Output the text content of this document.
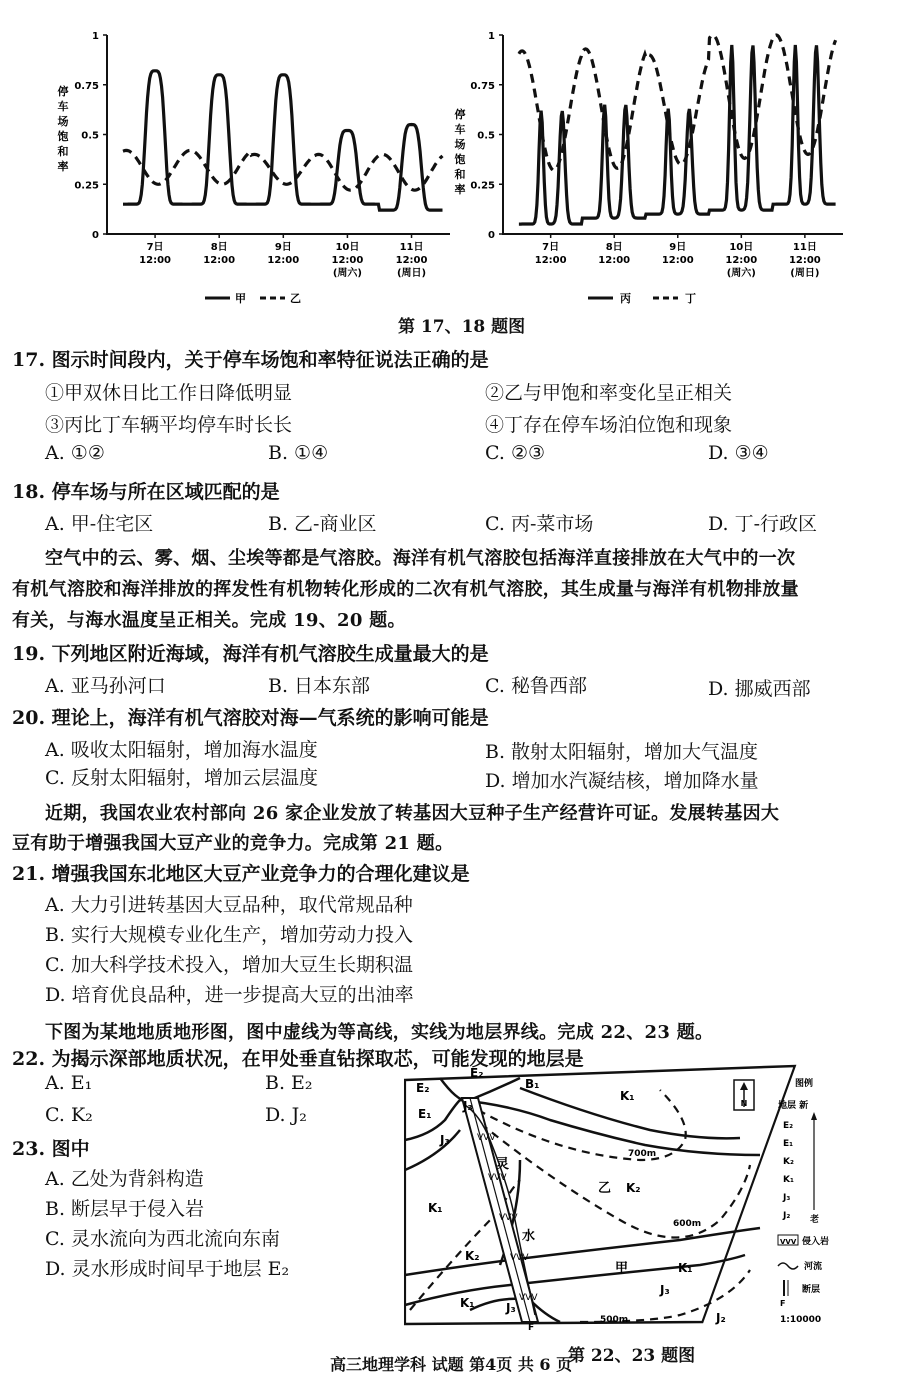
停
车
场
饱
和
率
0
0.25
0.5
0.75
1
7日
12:00
8日
12:00
9日
12:00
10日
12:00
(周六)
11日
12:00
(周日)
甲	乙
停
车
场
饱
和
率
0
0.25
0.5
0.75
1
7日
12:00
8日
12:00
9日
12:00
10日
12:00
(周六)
11日
12:00
(周日)
丙	丁
第 17、18 题图
17. 图示时间段内，关于停车场饱和率特征说法正确的是
①甲双休日比工作日降低明显	②乙与甲饱和率变化呈正相关
③丙比丁车辆平均停车时长长	④丁存在停车场泊位饱和现象
A. ①②	B. ①④	C. ②③	D. ③④
18. 停车场与所在区域匹配的是
A. 甲-住宅区	B. 乙-商业区	C. 丙-菜市场	D. 丁-行政区
空气中的云、雾、烟、尘埃等都是气溶胶。海洋有机气溶胶包括海洋直接排放在大气中的一次
有机气溶胶和海洋排放的挥发性有机物转化形成的二次有机气溶胶，其生成量与海洋有机物排放量
有关，与海水温度呈正相关。完成 19、20 题。
19. 下列地区附近海域，海洋有机气溶胶生成量最大的是
A. 亚马孙河口	B. 日本东部	C. 秘鲁西部	D. 挪威西部
20. 理论上，海洋有机气溶胶对海—气系统的影响可能是
A. 吸收太阳辐射，增加海水温度	B. 散射太阳辐射，增加大气温度
C. 反射太阳辐射，增加云层温度	D. 增加水汽凝结核，增加降水量
近期，我国农业农村部向 26 家企业发放了转基因大豆种子生产经营许可证。发展转基因大
豆有助于增强我国大豆产业的竞争力。完成第 21 题。
21. 增强我国东北地区大豆产业竞争力的合理化建议是
A. 大力引进转基因大豆品种，取代常规品种
B. 实行大规模专业化生产，增加劳动力投入
C. 加大科学技术投入，增加大豆生长期积温
D. 培育优良品种，进一步提高大豆的出油率
下图为某地地质地形图，图中虚线为等高线，实线为地层界线。完成 22、23 题。
22. 为揭示深部地质状况，在甲处垂直钻探取芯，可能发现的地层是
A. E₁	B. E₂
C. K₂	D. J₂
23. 图中
A. 乙处为背斜构造
B. 断层早于侵入岩
C. 灵水流向为西北流向东南
D. 灵水形成时间早于地层 E₂
VVV
VVV
VVV
VVV
VVV
N
E₂
E₂
B₁
E₁
J₃
J₃
K₁
K₁
K₂
K₂
K₁
J₃
J₂
K₁	J₃
F
乙
甲
灵
水
700m
600m
500m
图例
地层 新
E₂
E₁
K₂
K₁
J₃
J₂ 老
VVV 侵入岩
河流
断层
F
1:10000
第 22、23 题图
高三地理学科 试题 第4页 共 6 页
